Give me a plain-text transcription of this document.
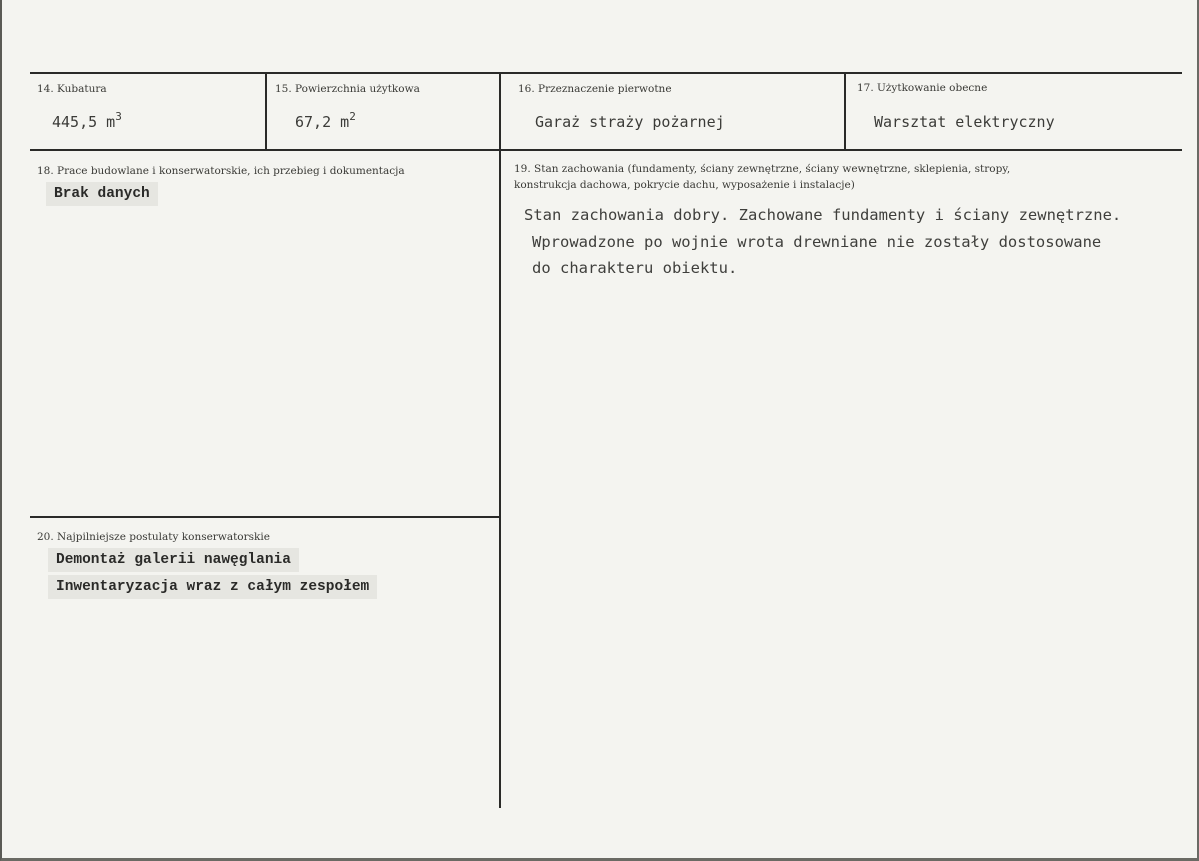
14. Kubatura
445,5 $m^3$
15. Powierzchnia użytkowa
67,2 $m^2$
16. Przeznaczenie pierwotne
Garaż straży pożarnej
17. Użytkowanie obecne
Warsztat elektryczny
18. Prace budowlane i konserwatorskie, ich przebieg i dokumentacja
Brak danych
19. Stan zachowania (fundamenty, ściany zewnętrzne, ściany wewnętrzne, sklepienia, stropy,
konstrukcja dachowa, pokrycie dachu, wyposażenie i instalacje)
Stan zachowania dobry. Zachowane fundamenty i ściany zewnętrzne.
Wprowadzone po wojnie wrota drewniane nie zostały dostosowane
do charakteru obiektu.
20. Najpilniejsze postulaty konserwatorskie
Demontaż galerii nawęglania
Inwentaryzacja wraz z całym zespołem
